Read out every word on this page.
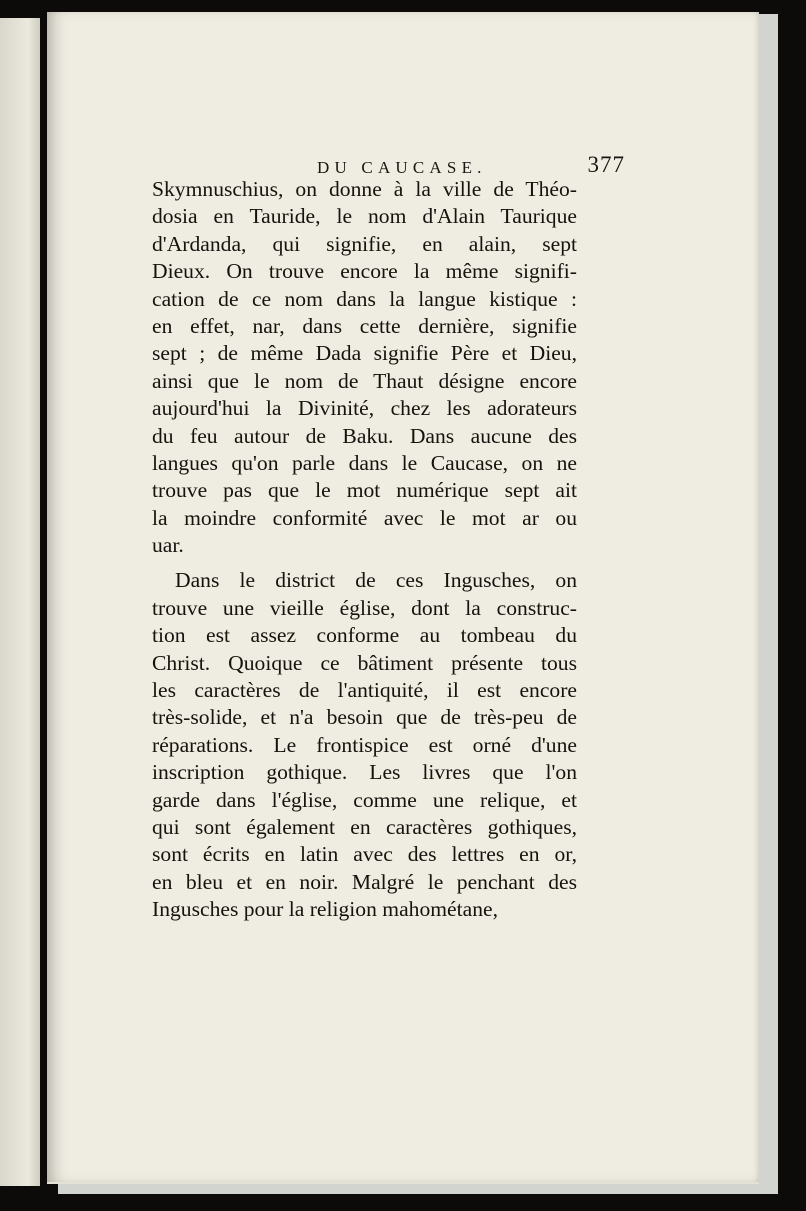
DU CAUCASE.	377
Skymnuschius, on donne à la ville de Théo-
dosia en Tauride, le nom d'Alain Taurique
d'Ardanda, qui signifie, en alain, sept
Dieux. On trouve encore la même signifi-
cation de ce nom dans la langue kistique :
en effet, nar, dans cette dernière, signifie
sept ; de même Dada signifie Père et Dieu,
ainsi que le nom de Thaut désigne encore
aujourd'hui la Divinité, chez les adorateurs
du feu autour de Baku. Dans aucune des
langues qu'on parle dans le Caucase, on ne
trouve pas que le mot numérique sept ait
la moindre conformité avec le mot ar ou
uar.
Dans le district de ces Ingusches, on
trouve une vieille église, dont la construc-
tion est assez conforme au tombeau du
Christ. Quoique ce bâtiment présente tous
les caractères de l'antiquité, il est encore
très-solide, et n'a besoin que de très-peu de
réparations. Le frontispice est orné d'une
inscription gothique. Les livres que l'on
garde dans l'église, comme une relique, et
qui sont également en caractères gothiques,
sont écrits en latin avec des lettres en or,
en bleu et en noir. Malgré le penchant des
Ingusches pour la religion mahométane,
